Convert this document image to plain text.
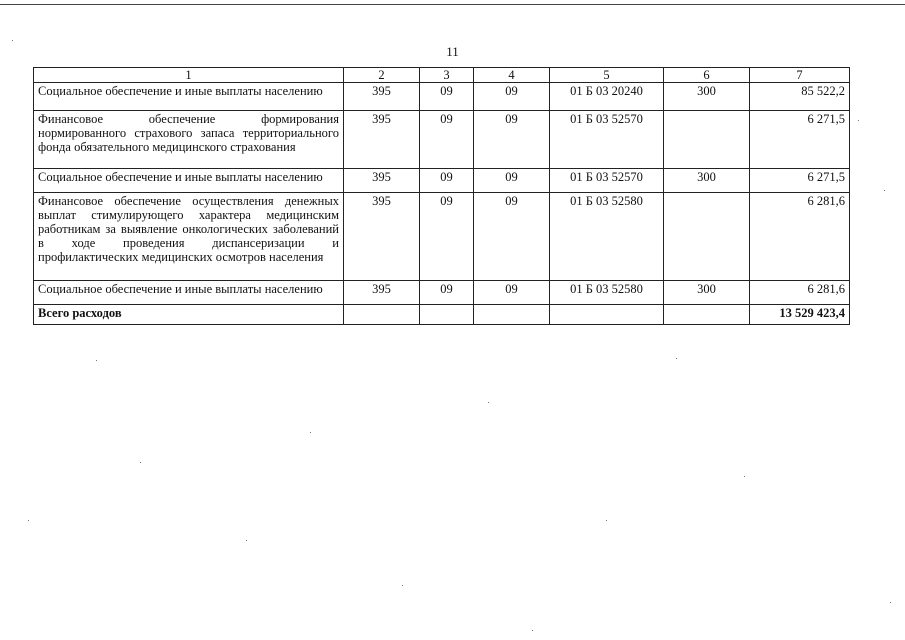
11
1	2	3	4	5	6	7
Социальное обеспечение и иные выплаты населению	395	09	09	01 Б 03 20240	300	85 522,2
Финансовое обеспечение формирования нормированного страхового запаса территориального фонда обязательного медицинского страхования	395	09	09	01 Б 03 52570		6 271,5
Социальное обеспечение и иные выплаты населению	395	09	09	01 Б 03 52570	300	6 271,5
Финансовое обеспечение осуществления денежных выплат стимулирующего характера медицинским работникам за выявление онкологических заболеваний в ходе проведения диспансеризации и профилактических медицинских осмотров населения	395	09	09	01 Б 03 52580		6 281,6
Социальное обеспечение и иные выплаты населению	395	09	09	01 Б 03 52580	300	6 281,6
Всего расходов						13 529 423,4
